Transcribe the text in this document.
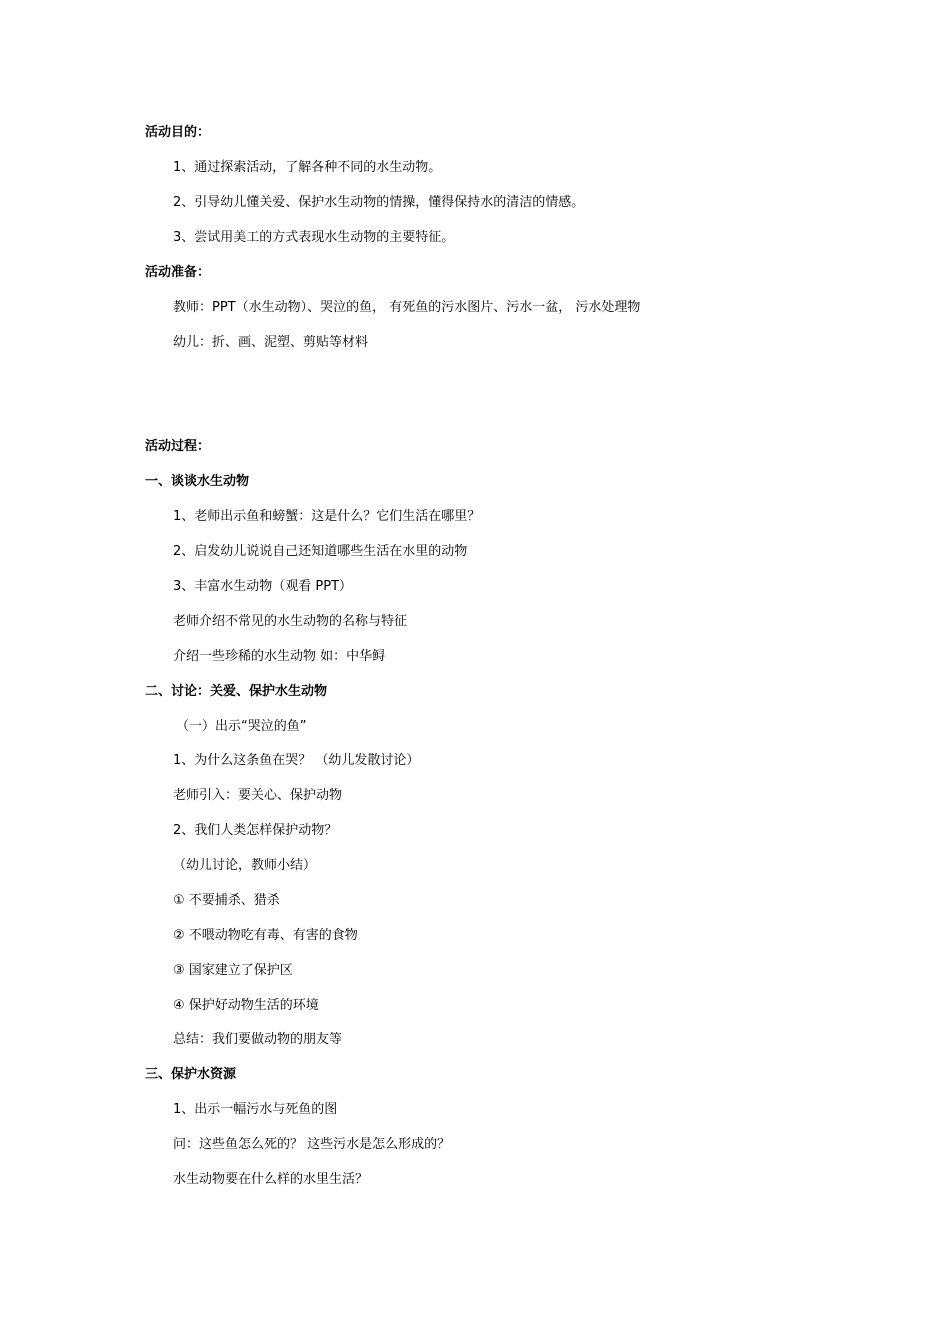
活动目的：
1、通过探索活动，了解各种不同的水生动物。
2、引导幼儿懂关爱、保护水生动物的情操，懂得保持水的清洁的情感。
3、尝试用美工的方式表现水生动物的主要特征。
活动准备：
教师：PPT（水生动物）、哭泣的鱼， 有死鱼的污水图片、污水一盆， 污水处理物
幼儿：折、画、泥塑、剪贴等材料
活动过程：
一、谈谈水生动物
1、老师出示鱼和螃蟹：这是什么？它们生活在哪里？
2、启发幼儿说说自己还知道哪些生活在水里的动物
3、丰富水生动物（观看 PPT）
老师介绍不常见的水生动物的名称与特征
介绍一些珍稀的水生动物 如：中华鲟
二、讨论：关爱、保护水生动物
（一）出示“哭泣的鱼”
1、为什么这条鱼在哭？ （幼儿发散讨论）
老师引入：要关心、保护动物
2、我们人类怎样保护动物？
（幼儿讨论，教师小结）
① 不要捕杀、猎杀
② 不喂动物吃有毒、有害的食物
③ 国家建立了保护区
④ 保护好动物生活的环境
总结：我们要做动物的朋友等
三、保护水资源
1、出示一幅污水与死鱼的图
问：这些鱼怎么死的？ 这些污水是怎么形成的？
水生动物要在什么样的水里生活？
